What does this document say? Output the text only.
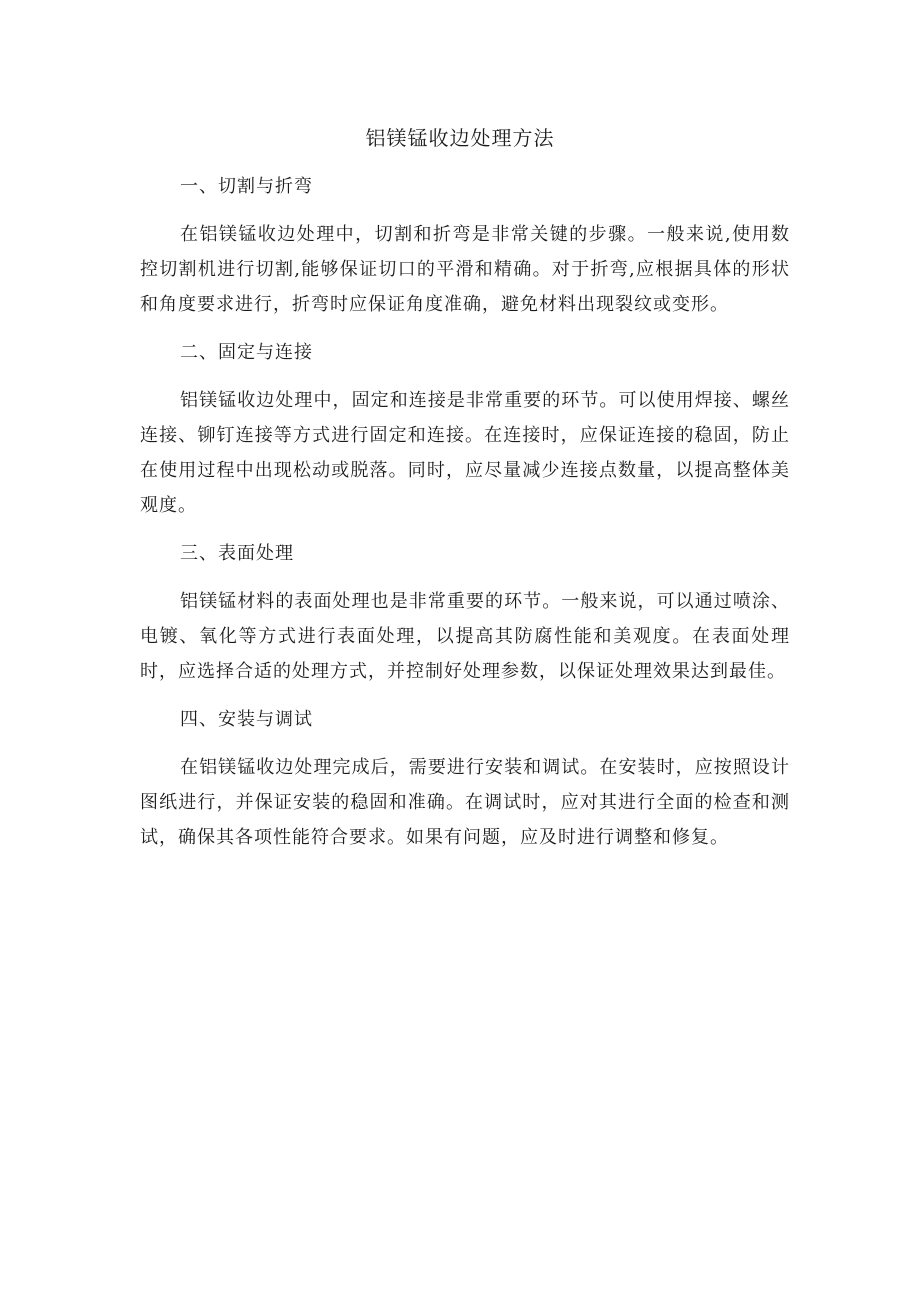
铝镁锰收边处理方法
一、切割与折弯

在铝镁锰收边处理中，切割和折弯是非常关键的步骤。一般来说,使用数控切割机进行切割,能够保证切口的平滑和精确。对于折弯,应根据具体的形状和角度要求进行，折弯时应保证角度准确，避免材料出现裂纹或变形。

二、固定与连接

铝镁锰收边处理中，固定和连接是非常重要的环节。可以使用焊接、螺丝连接、铆钉连接等方式进行固定和连接。在连接时，应保证连接的稳固，防止在使用过程中出现松动或脱落。同时，应尽量减少连接点数量，以提高整体美观度。

三、表面处理

铝镁锰材料的表面处理也是非常重要的环节。一般来说，可以通过喷涂、电镀、氧化等方式进行表面处理，以提高其防腐性能和美观度。在表面处理时，应选择合适的处理方式，并控制好处理参数，以保证处理效果达到最佳。

四、安装与调试

在铝镁锰收边处理完成后，需要进行安装和调试。在安装时，应按照设计图纸进行，并保证安装的稳固和准确。在调试时，应对其进行全面的检查和测试，确保其各项性能符合要求。如果有问题，应及时进行调整和修复。
